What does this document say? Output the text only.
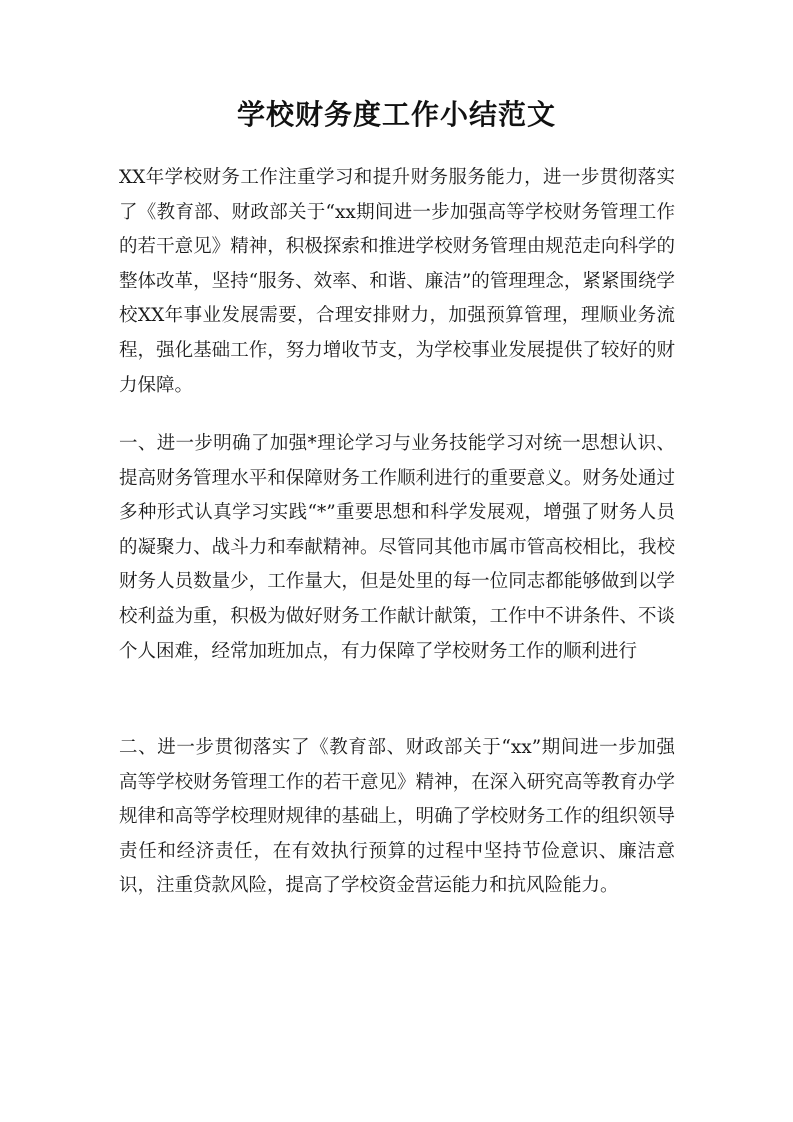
学校财务度工作小结范文

XX年学校财务工作注重学习和提升财务服务能力，进一步贯彻落实了《教育部、财政部关于“xx期间进一步加强高等学校财务管理工作的若干意见》精神，积极探索和推进学校财务管理由规范走向科学的整体改革，坚持“服务、效率、和谐、廉洁”的管理理念，紧紧围绕学校XX年事业发展需要，合理安排财力，加强预算管理，理顺业务流程，强化基础工作，努力增收节支，为学校事业发展提供了较好的财力保障。

一、进一步明确了加强*理论学习与业务技能学习对统一思想认识、提高财务管理水平和保障财务工作顺利进行的重要意义。财务处通过多种形式认真学习实践“*”重要思想和科学发展观，增强了财务人员的凝聚力、战斗力和奉献精神。尽管同其他市属市管高校相比，我校财务人员数量少，工作量大，但是处里的每一位同志都能够做到以学校利益为重，积极为做好财务工作献计献策，工作中不讲条件、不谈个人困难，经常加班加点，有力保障了学校财务工作的顺利进行

二、进一步贯彻落实了《教育部、财政部关于“xx”期间进一步加强高等学校财务管理工作的若干意见》精神，在深入研究高等教育办学规律和高等学校理财规律的基础上，明确了学校财务工作的组织领导责任和经济责任，在有效执行预算的过程中坚持节俭意识、廉洁意识，注重贷款风险，提高了学校资金营运能力和抗风险能力。
